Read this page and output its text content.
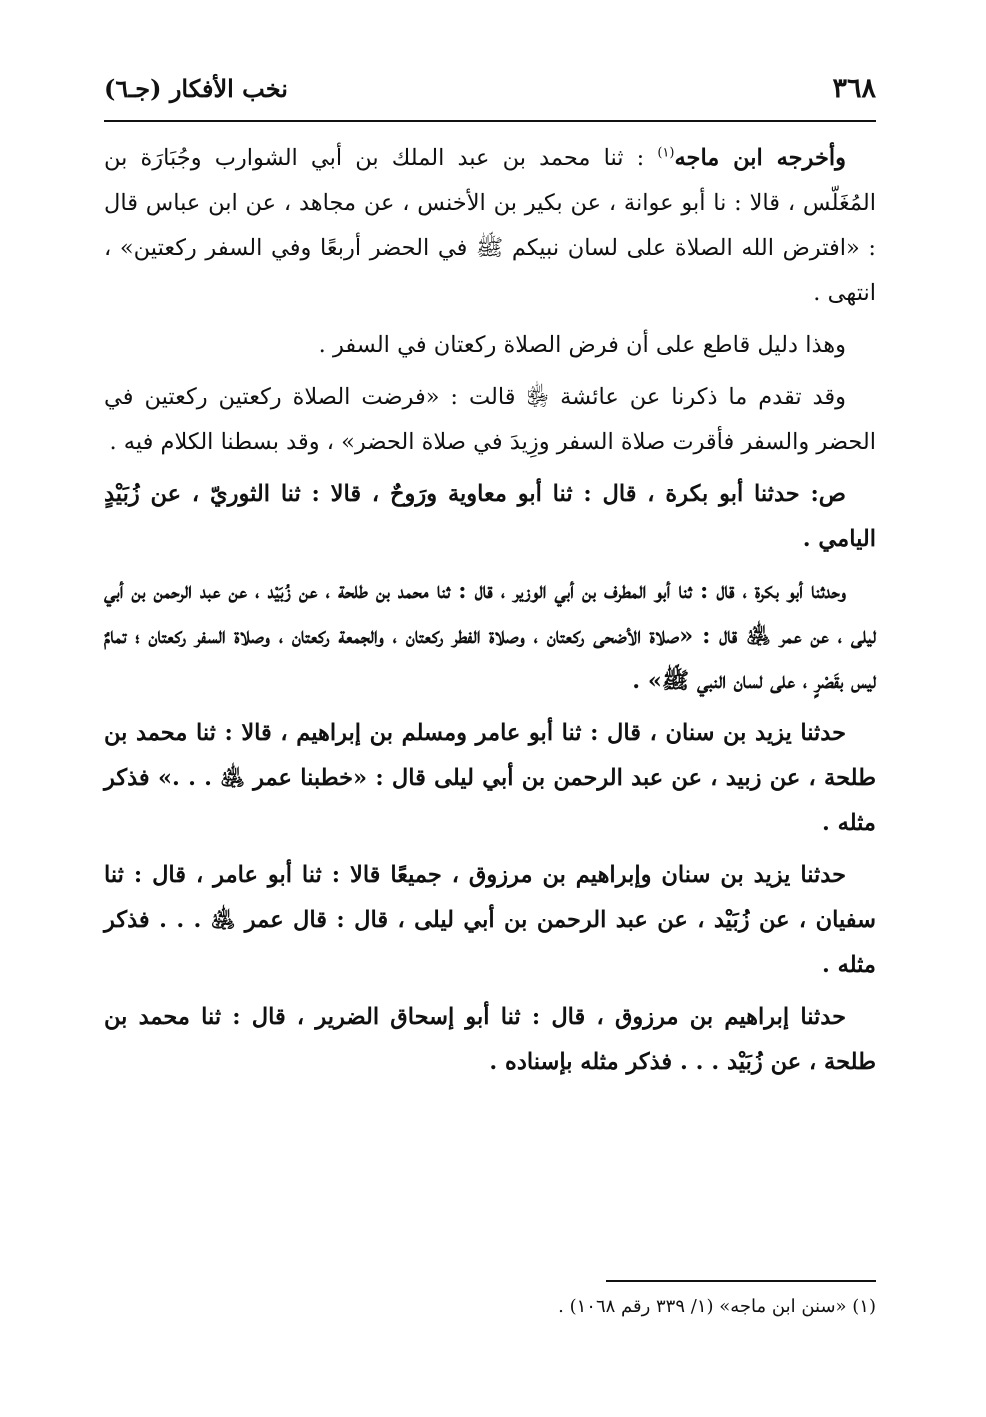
٣٦٨
نخب الأفكار (جـ٦)

وأخرجه ابن ماجه$^{(١)}$ : ثنا محمد بن عبد الملك بن أبي الشوارب وجُبَارَة بن المُغَلّس ، قالا : نا أبو عوانة ، عن بكير بن الأخنس ، عن مجاهد ، عن ابن عباس قال : «افترض الله الصلاة على لسان نبيكم ﷺ في الحضر أربعًا وفي السفر ركعتين» ، انتهى .

وهذا دليل قاطع على أن فرض الصلاة ركعتان في السفر .

وقد تقدم ما ذكرنا عن عائشة ﵂ قالت : «فرضت الصلاة ركعتين ركعتين في الحضر والسفر فأقرت صلاة السفر وزِيدَ في صلاة الحضر» ، وقد بسطنا الكلام فيه .

ص: حدثنا أبو بكرة ، قال : ثنا أبو معاوية ورَوحٌ ، قالا : ثنا الثوريّ ، عن زُبَيْدٍ اليامي .

وحدثنا أبو بكرة ، قال : ثنا أبو المطرف بن أبي الوزير ، قال : ثنا محمد بن طلحة ، عن زُبَيْد ، عن عبد الرحمن بن أبي ليلى ، عن عمر ﵁ قال : «صلاة الأضحى ركعتان ، وصلاة الفطر ركعتان ، والجمعة ركعتان ، وصلاة السفر ركعتان ؛ تمامٌ ليس بقَصْرٍ ، على لسان النبي ﷺ» .

حدثنا يزيد بن سنان ، قال : ثنا أبو عامر ومسلم بن إبراهيم ، قالا : ثنا محمد بن طلحة ، عن زبيد ، عن عبد الرحمن بن أبي ليلى قال : «خطبنا عمر ﵁ . . .» فذكر مثله .

حدثنا يزيد بن سنان وإبراهيم بن مرزوق ، جميعًا قالا : ثنا أبو عامر ، قال : ثنا سفيان ، عن زُبَيْد ، عن عبد الرحمن بن أبي ليلى ، قال : قال عمر ﵁ . . . فذكر مثله .

حدثنا إبراهيم بن مرزوق ، قال : ثنا أبو إسحاق الضرير ، قال : ثنا محمد بن طلحة ، عن زُبَيْد . . . فذكر مثله بإسناده .

(١) «سنن ابن ماجه» (١/ ٣٣٩ رقم ١٠٦٨) .
